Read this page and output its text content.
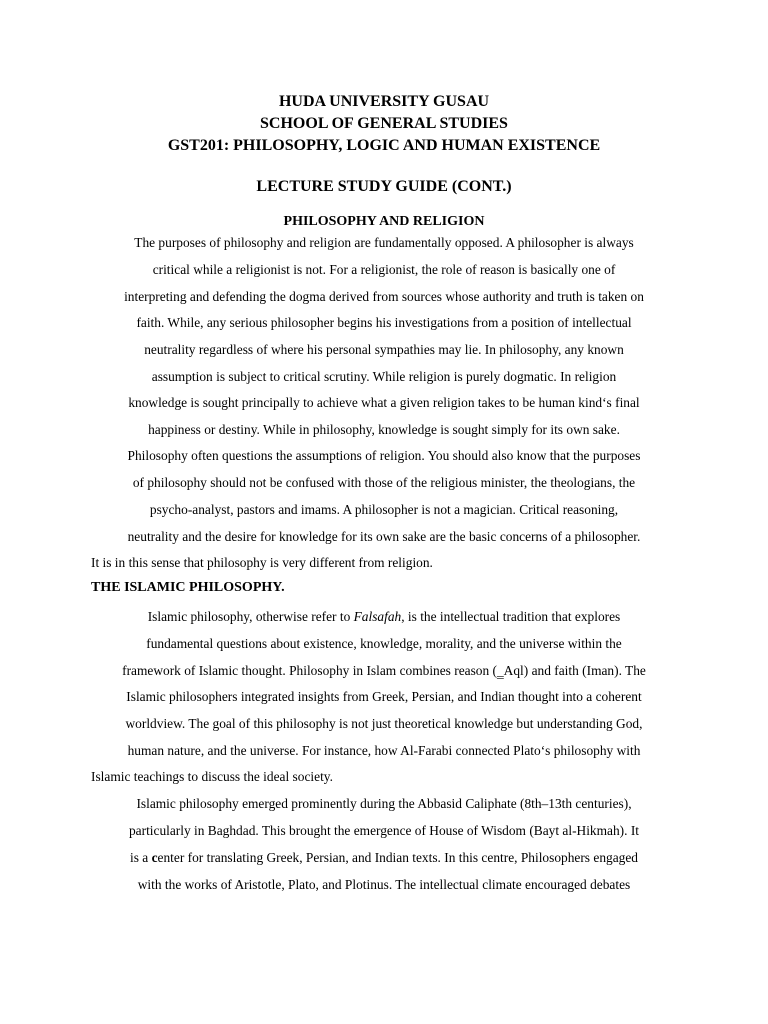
HUDA UNIVERSITY GUSAU
SCHOOL OF GENERAL STUDIES
GST201: PHILOSOPHY, LOGIC AND HUMAN EXISTENCE
LECTURE STUDY GUIDE (CONT.)
PHILOSOPHY AND RELIGION
The purposes of philosophy and religion are fundamentally opposed. A philosopher is always
critical while a religionist is not. For a religionist, the role of reason is basically one of
interpreting and defending the dogma derived from sources whose authority and truth is taken on
faith. While, any serious philosopher begins his investigations from a position of intellectual
neutrality regardless of where his personal sympathies may lie. In philosophy, any known
assumption is subject to critical scrutiny. While religion is purely dogmatic. In religion
knowledge is sought principally to achieve what a given religion takes to be human kind‘s final
happiness or destiny. While in philosophy, knowledge is sought simply for its own sake.
Philosophy often questions the assumptions of religion. You should also know that the purposes
of philosophy should not be confused with those of the religious minister, the theologians, the
psycho-analyst, pastors and imams. A philosopher is not a magician. Critical reasoning,
neutrality and the desire for knowledge for its own sake are the basic concerns of a philosopher.
It is in this sense that philosophy is very different from religion.
THE ISLAMIC PHILOSOPHY.
Islamic philosophy, otherwise refer to Falsafah, is the intellectual tradition that explores
fundamental questions about existence, knowledge, morality, and the universe within the
framework of Islamic thought. Philosophy in Islam combines reason (‗Aql) and faith (Iman). The
Islamic philosophers integrated insights from Greek, Persian, and Indian thought into a coherent
worldview. The goal of this philosophy is not just theoretical knowledge but understanding God,
human nature, and the universe. For instance, how Al-Farabi connected Plato‘s philosophy with
Islamic teachings to discuss the ideal society.
Islamic philosophy emerged prominently during the Abbasid Caliphate (8th–13th centuries),
particularly in Baghdad. This brought the emergence of House of Wisdom (Bayt al-Hikmah). It
is a center for translating Greek, Persian, and Indian texts. In this centre, Philosophers engaged
with the works of Aristotle, Plato, and Plotinus. The intellectual climate encouraged debates
